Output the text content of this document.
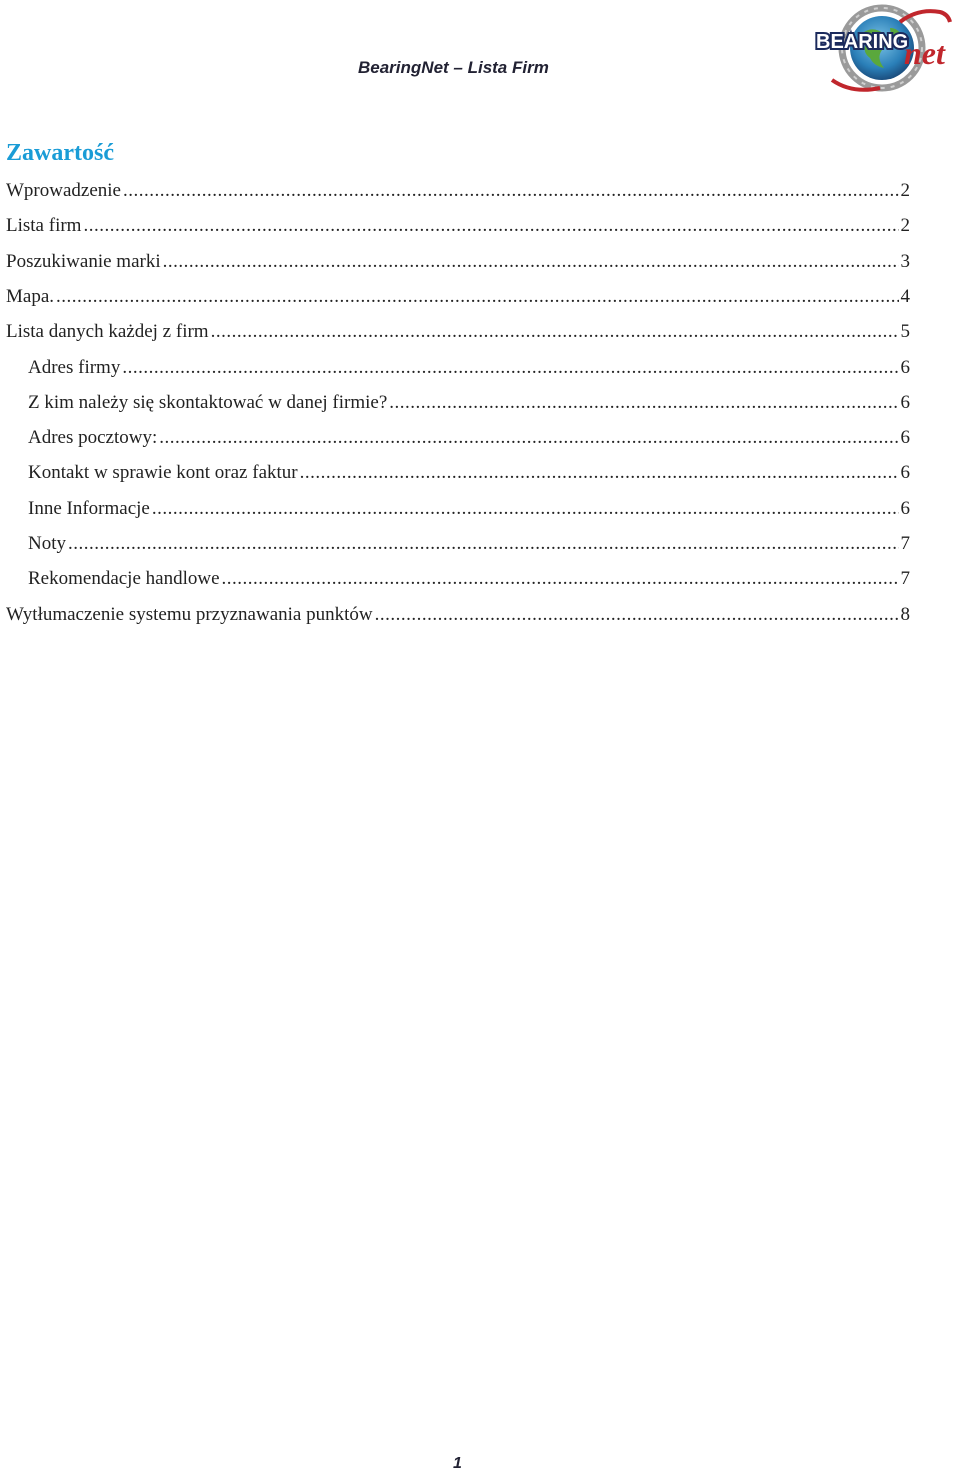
BearingNet – Lista Firm
BEARING
net
Zawartość
Wprowadzenie .....	2
Lista firm .....	2
Poszukiwanie marki .....	3
Mapa. .....	4
Lista danych każdej z firm .....	5
Adres firmy .....	6
Z kim należy się skontaktować w danej firmie? .....	6
Adres pocztowy: .....	6
Kontakt w sprawie kont oraz faktur .....	6
Inne Informacje .....	6
Noty .....	7
Rekomendacje handlowe .....	7
Wytłumaczenie systemu przyznawania punktów .....	8
1
